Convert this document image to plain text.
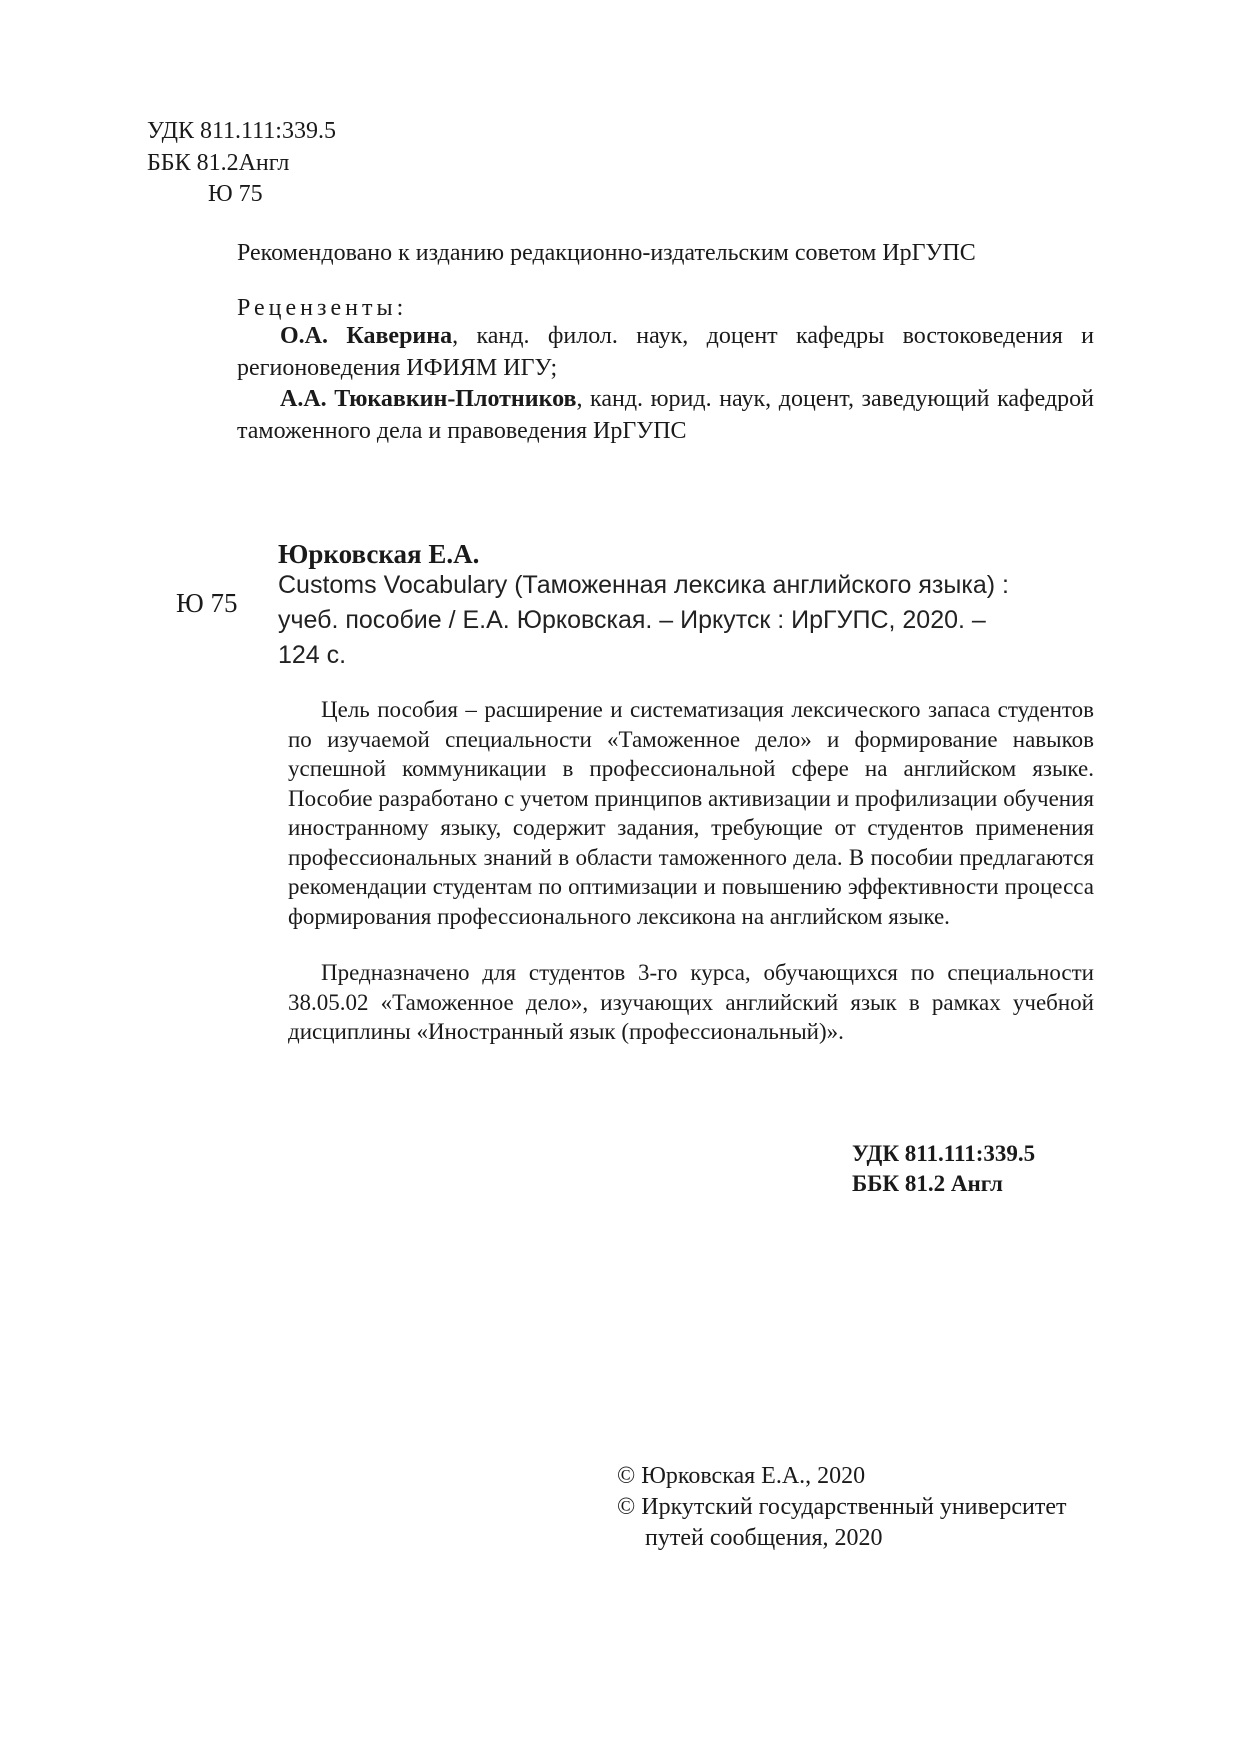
УДК 811.111:339.5
ББК 81.2Англ
Ю 75
Рекомендовано к изданию редакционно-издательским советом ИрГУПС
Рецензенты:
О.А. Каверина, канд. филол. наук, доцент кафедры востоковедения и регионоведения ИФИЯМ ИГУ;
А.А. Тюкавкин-Плотников, канд. юрид. наук, доцент, заведующий кафедрой таможенного дела и правоведения ИрГУПС
Юрковская Е.А.
Ю 75
Customs Vocabulary (Таможенная лексика английского языка) :
учеб. пособие / Е.А. Юрковская. – Иркутск : ИрГУПС, 2020. –
124 с.

Цель пособия – расширение и систематизация лексического запаса студентов по изучаемой специальности «Таможенное дело» и формирование навыков успешной коммуникации в профессиональной сфере на английском языке. Пособие разработано с учетом принципов активизации и профилизации обучения иностранному языку, содержит задания, требующие от студентов применения профессиональных знаний в области таможенного дела. В пособии предлагаются рекомендации студентам по оптимизации и повышению эффективности процесса формирования профессионального лексикона на английском языке.

Предназначено для студентов 3-го курса, обучающихся по специальности 38.05.02 «Таможенное дело», изучающих английский язык в рамках учебной дисциплины «Иностранный язык (профессиональный)».

УДК 811.111:339.5
ББК 81.2 Англ
© Юрковская Е.А., 2020
© Иркутский государственный университет
путей сообщения, 2020
